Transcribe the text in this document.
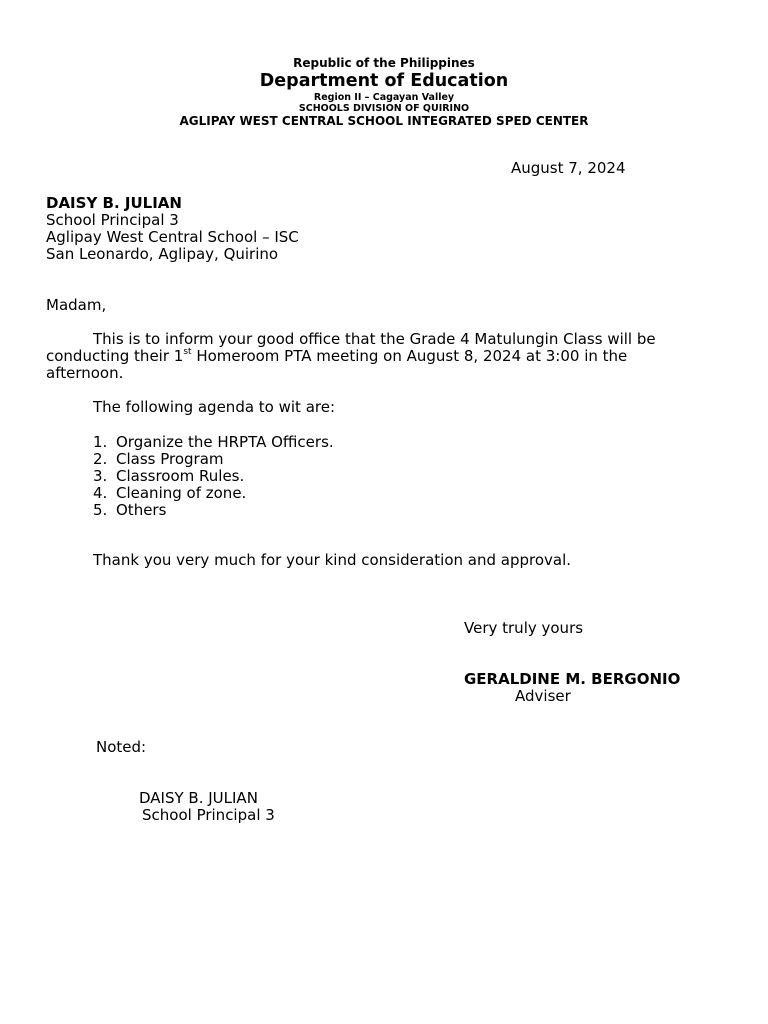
Republic of the Philippines
Department of Education
Region II – Cagayan Valley
SCHOOLS DIVISION OF QUIRINO
AGLIPAY WEST CENTRAL SCHOOL INTEGRATED SPED CENTER
August 7, 2024
DAISY B. JULIAN
School Principal 3
Aglipay West Central School – ISC
San Leonardo, Aglipay, Quirino
Madam,
This is to inform your good office that the Grade 4 Matulungin Class will be conducting their 1st Homeroom PTA meeting on August 8, 2024 at 3:00 in the afternoon.
The following agenda to wit are:
1. Organize the HRPTA Officers.
2. Class Program
3. Classroom Rules.
4. Cleaning of zone.
5. Others
Thank you very much for your kind consideration and approval.
Very truly yours
GERALDINE M. BERGONIO
Adviser
Noted:
DAISY B. JULIAN
School Principal 3
